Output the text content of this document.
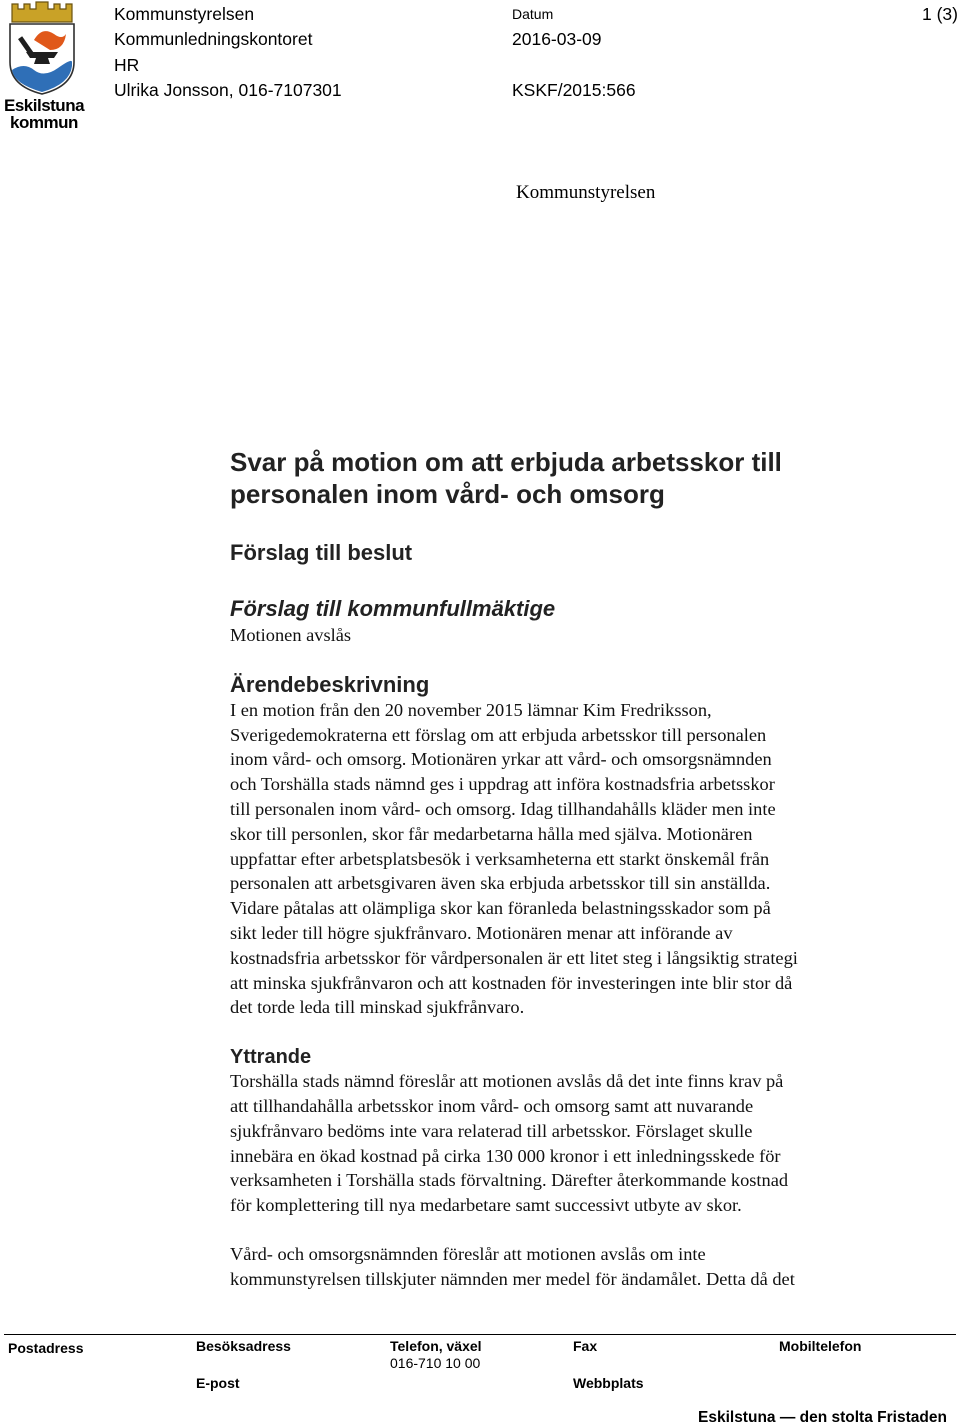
Eskilstuna
kommun
Kommunstyrelsen
Kommunledningskontoret
HR
Ulrika Jonsson, 016-7107301
Datum
2016-03-09
KSKF/2015:566
1 (3)
Kommunstyrelsen
Svar på motion om att erbjuda arbetsskor till
personalen inom vård- och omsorg
Förslag till beslut
Förslag till kommunfullmäktige
Motionen avslås
Ärendebeskrivning
I en motion från den 20 november 2015 lämnar Kim Fredriksson,
Sverigedemokraterna ett förslag om att erbjuda arbetsskor till personalen
inom vård- och omsorg. Motionären yrkar att vård- och omsorgsnämnden
och Torshälla stads nämnd ges i uppdrag att införa kostnadsfria arbetsskor
till personalen inom vård- och omsorg. Idag tillhandahålls kläder men inte
skor till personlen, skor får medarbetarna hålla med själva. Motionären
uppfattar efter arbetsplatsbesök i verksamheterna ett starkt önskemål från
personalen att arbetsgivaren även ska erbjuda arbetsskor till sin anställda.
Vidare påtalas att olämpliga skor kan föranleda belastningsskador som på
sikt leder till högre sjukfrånvaro. Motionären menar att införande av
kostnadsfria arbetsskor för vårdpersonalen är ett litet steg i långsiktig strategi
att minska sjukfrånvaron och att kostnaden för investeringen inte blir stor då
det torde leda till minskad sjukfrånvaro.
Yttrande
Torshälla stads nämnd föreslår att motionen avslås då det inte finns krav på
att tillhandahålla arbetsskor inom vård- och omsorg samt att nuvarande
sjukfrånvaro bedöms inte vara relaterad till arbetsskor. Förslaget skulle
innebära en ökad kostnad på cirka 130 000 kronor i ett inledningsskede för
verksamheten i Torshälla stads förvaltning. Därefter återkommande kostnad
för komplettering till nya medarbetare samt successivt utbyte av skor.
Vård- och omsorgsnämnden föreslår att motionen avslås om inte
kommunstyrelsen tillskjuter nämnden mer medel för ändamålet. Detta då det
Postadress	Besöksadress	Telefon, växel
016-710 10 00
Fax	Mobiltelefon
E-post	Webbplats
Eskilstuna — den stolta Fristaden
